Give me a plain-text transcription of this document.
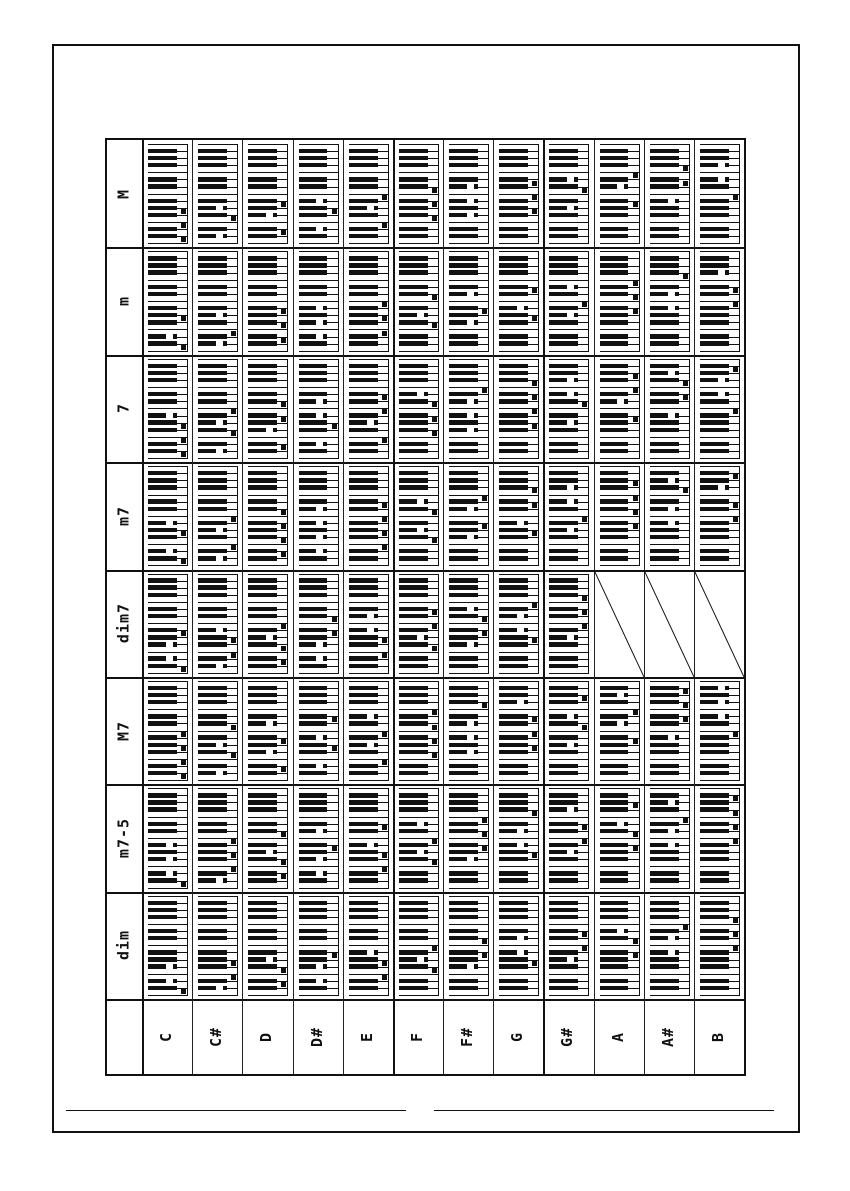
M
m
7
m7
dim7
M7
m7-5
dim
C C# D D# E F F# G G# A A# B
